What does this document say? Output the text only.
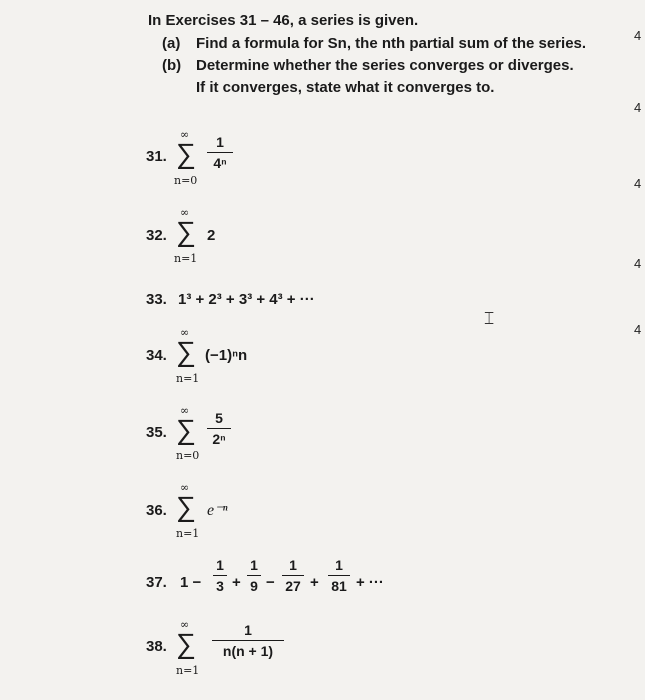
In Exercises 31 – 46, a series is given.
(a) Find a formula for Sn, the nth partial sum of the series.
(b) Determine whether the series converges or diverges.
If it converges, state what it converges to.
31.
∞
∑
n=0
1
4ⁿ
32.
∞
∑
n=1
2
33. 1³ + 2³ + 3³ + 4³ + ···
⌶
34.
∞
∑
n=1
(−1)ⁿn
35.
∞
∑
n=0
5
2ⁿ
36.
∞
∑
n=1
e⁻ⁿ
37. 1 −
1
3 +
1
9 −
1
27 +
1
81 + ···
38.
∞
∑
n=1
1
n(n + 1)
4
4
4
4
4
